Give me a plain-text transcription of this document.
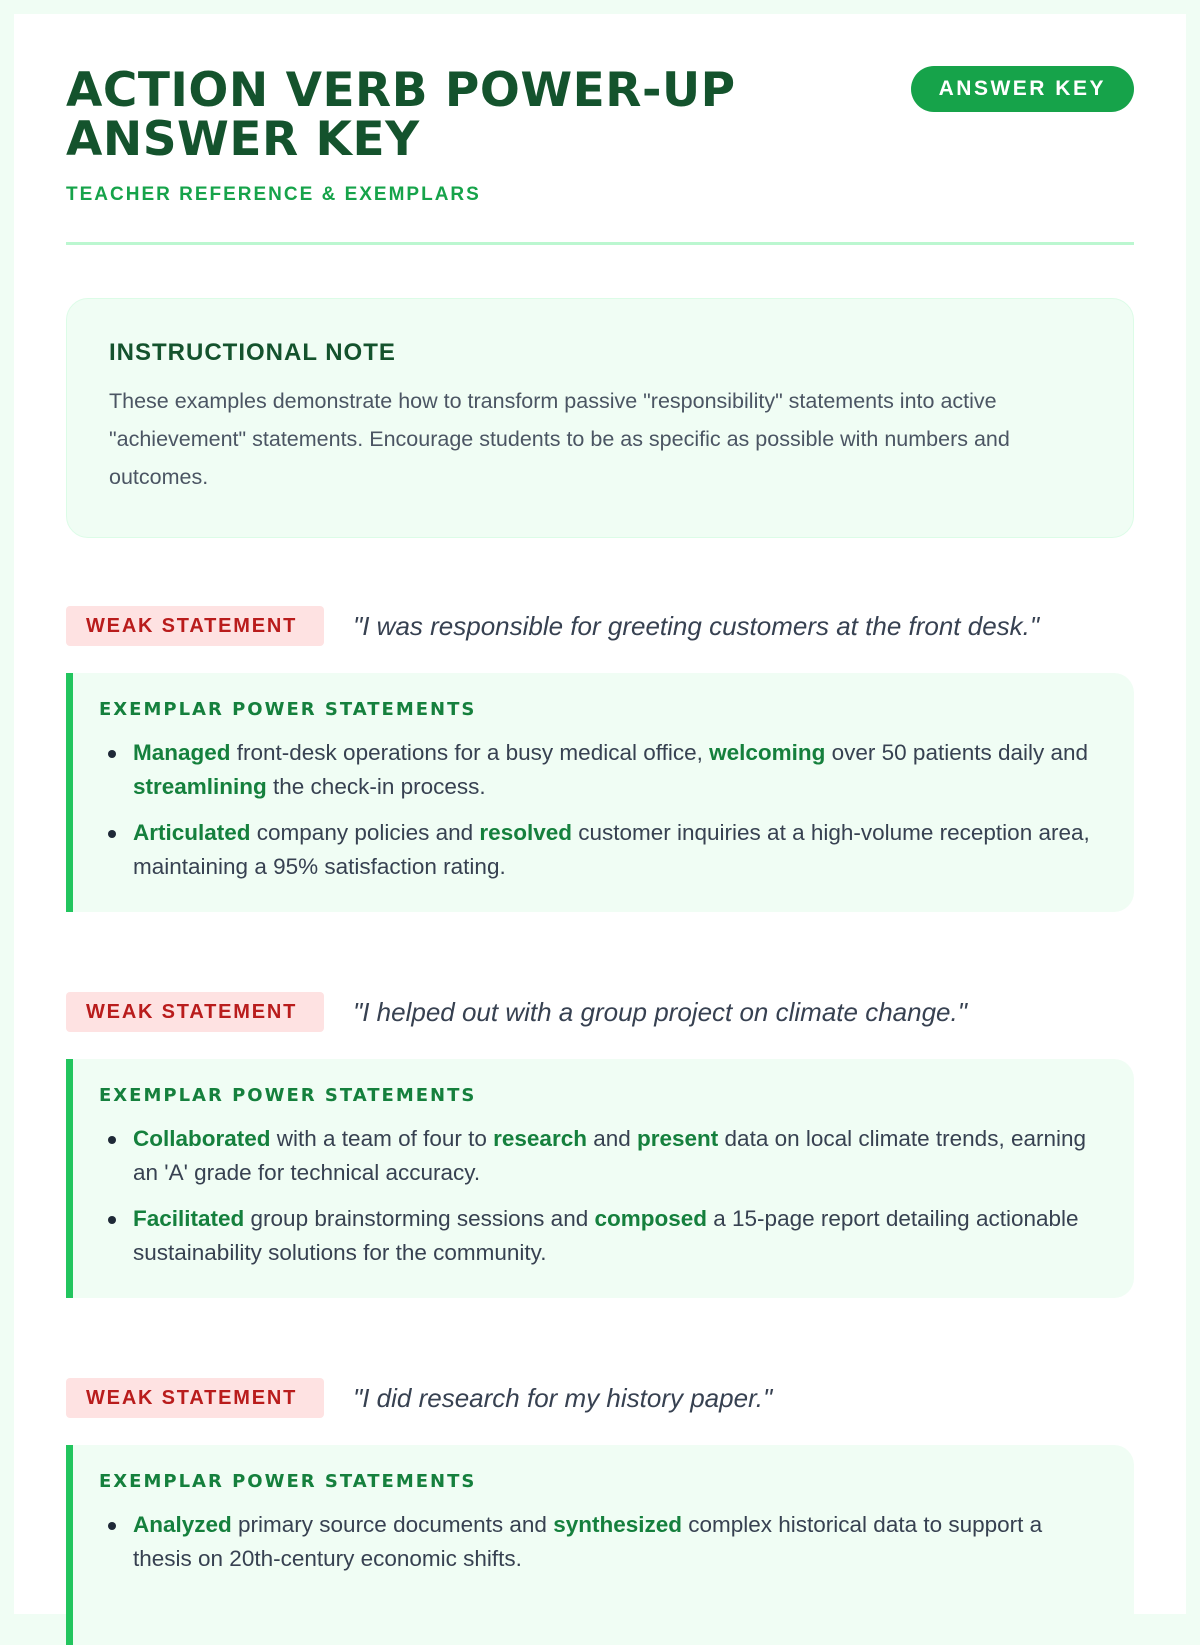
ACTION VERB POWER-UP ANSWER KEY
TEACHER REFERENCE & EXEMPLARS
ANSWER KEY
INSTRUCTIONAL NOTE

These examples demonstrate how to transform passive "responsibility" statements into active "achievement" statements. Encourage students to be as specific as possible with numbers and outcomes.

WEAK STATEMENT	"I was responsible for greeting customers at the front desk."
EXEMPLAR POWER STATEMENTS
Managed front-desk operations for a busy medical office, welcoming over 50 patients daily and streamlining the check-in process.
Articulated company policies and resolved customer inquiries at a high-volume reception area, maintaining a 95% satisfaction rating.
WEAK STATEMENT	"I helped out with a group project on climate change."
EXEMPLAR POWER STATEMENTS
Collaborated with a team of four to research and present data on local climate trends, earning an 'A' grade for technical accuracy.
Facilitated group brainstorming sessions and composed a 15-page report detailing actionable sustainability solutions for the community.
WEAK STATEMENT	"I did research for my history paper."
EXEMPLAR POWER STATEMENTS
Analyzed primary source documents and synthesized complex historical data to support a thesis on 20th-century economic shifts.
